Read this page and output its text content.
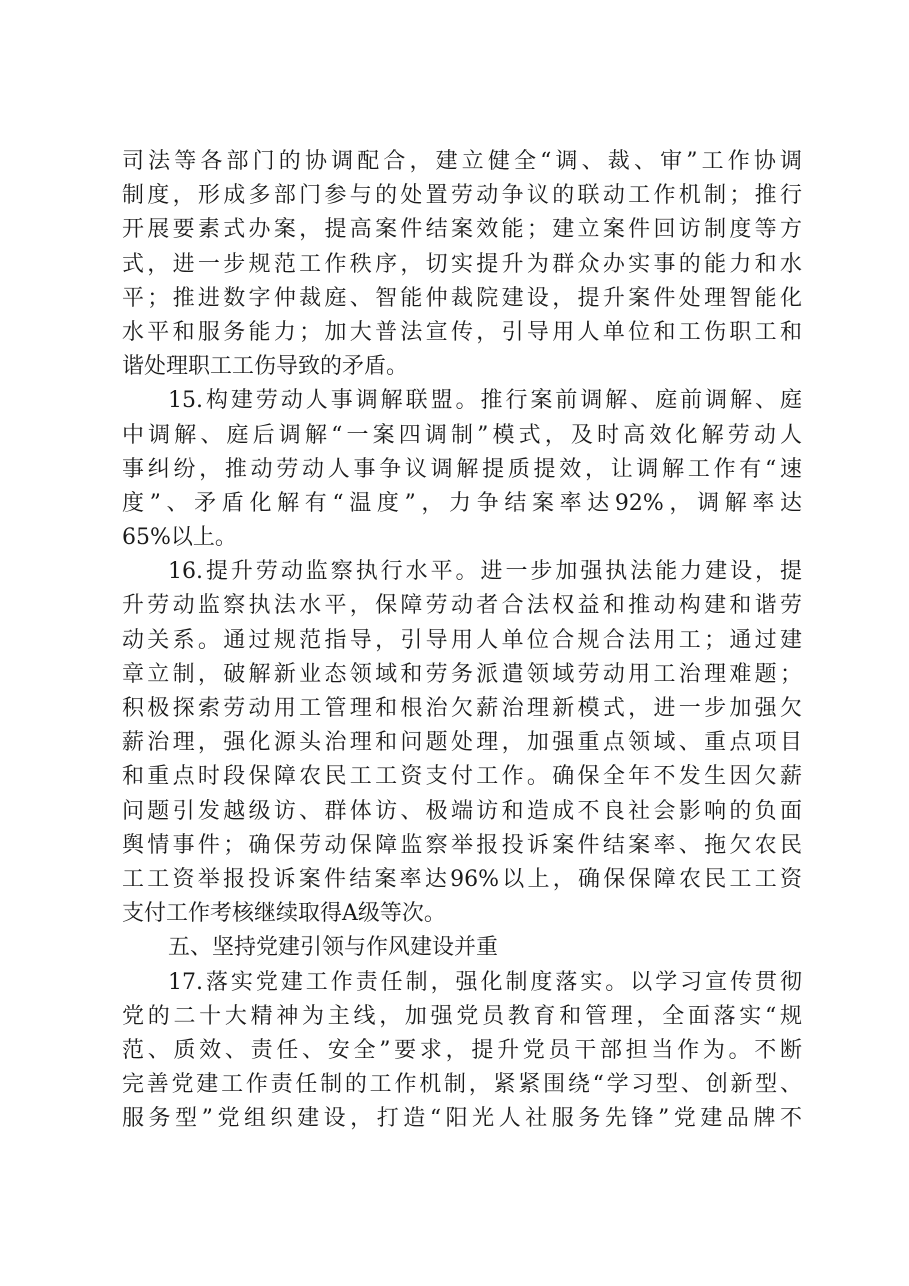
司法等各部门的协调配合，建立健全“调、裁、审”工作协调
制度，形成多部门参与的处置劳动争议的联动工作机制；推行
开展要素式办案，提高案件结案效能；建立案件回访制度等方
式，进一步规范工作秩序，切实提升为群众办实事的能力和水
平；推进数字仲裁庭、智能仲裁院建设，提升案件处理智能化
水平和服务能力；加大普法宣传，引导用人单位和工伤职工和
谐处理职工工伤导致的矛盾。
15.构建劳动人事调解联盟。推行案前调解、庭前调解、庭
中调解、庭后调解“一案四调制”模式，及时高效化解劳动人
事纠纷，推动劳动人事争议调解提质提效，让调解工作有“速
度”、矛盾化解有“温度”，力争结案率达92%，调解率达
65%以上。
16.提升劳动监察执行水平。进一步加强执法能力建设，提
升劳动监察执法水平，保障劳动者合法权益和推动构建和谐劳
动关系。通过规范指导，引导用人单位合规合法用工；通过建
章立制，破解新业态领域和劳务派遣领域劳动用工治理难题；
积极探索劳动用工管理和根治欠薪治理新模式，进一步加强欠
薪治理，强化源头治理和问题处理，加强重点领域、重点项目
和重点时段保障农民工工资支付工作。确保全年不发生因欠薪
问题引发越级访、群体访、极端访和造成不良社会影响的负面
舆情事件；确保劳动保障监察举报投诉案件结案率、拖欠农民
工工资举报投诉案件结案率达96%以上，确保保障农民工工资
支付工作考核继续取得A级等次。
五、坚持党建引领与作风建设并重
17.落实党建工作责任制，强化制度落实。以学习宣传贯彻
党的二十大精神为主线，加强党员教育和管理，全面落实“规
范、质效、责任、安全”要求，提升党员干部担当作为。不断
完善党建工作责任制的工作机制，紧紧围绕“学习型、创新型、
服务型”党组织建设，打造“阳光人社服务先锋”党建品牌不
